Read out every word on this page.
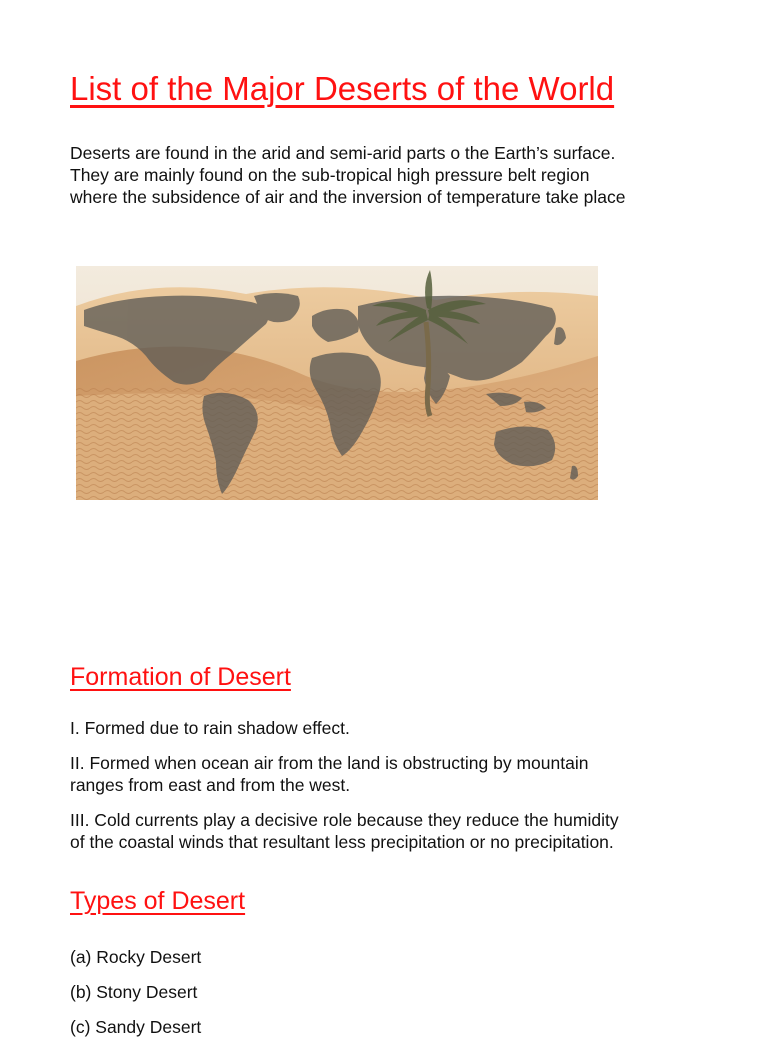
List of the Major Deserts of the World

Deserts are found in the arid and semi-arid parts o the Earth’s surface.

They are mainly found on the sub-tropical high pressure belt region

where the subsidence of air and the inversion of temperature take place

Formation of Desert

I. Formed due to rain shadow effect.

II. Formed when ocean air from the land is obstructing by mountain

ranges from east and from the west.

III. Cold currents play a decisive role because they reduce the humidity

of the coastal winds that resultant less precipitation or no precipitation.

Types of Desert

(a) Rocky Desert

(b) Stony Desert

(c) Sandy Desert
